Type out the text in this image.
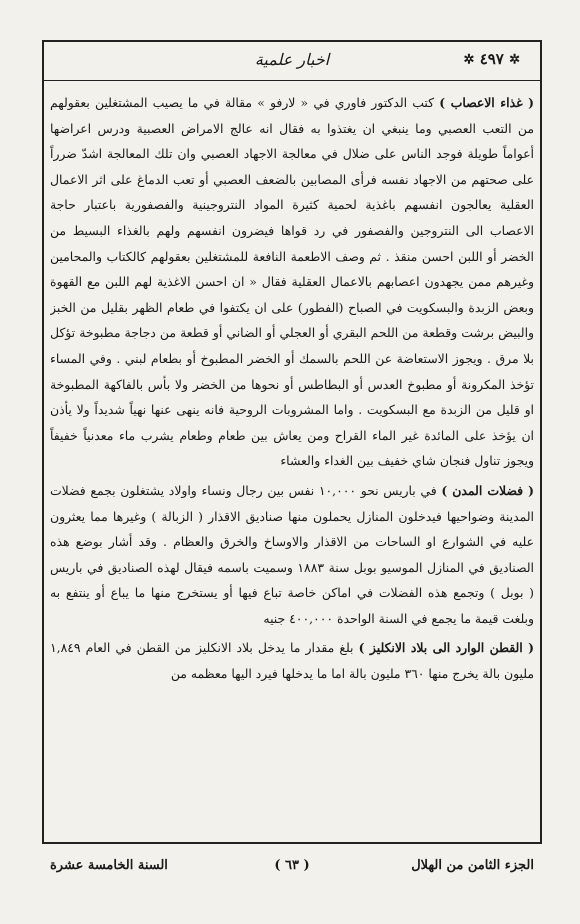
✲ ٤٩٧ ✲
اخبار علمية

( غذاء الاعصاب ) كتب الدكتور فاوري في « لارفو » مقالة في ما يصيب المشتغلين بعقولهم من التعب العصبي وما ينبغي ان يغتذوا به فقال انه عالج الامراض العصبية ودرس اعراضها أعواماً طويلة فوجد الناس على ضلال في معالجة الاجهاد العصبي وان تلك المعالجة اشدّ ضرراً على صحتهم من الاجهاد نفسه فرأى المصابين بالضعف العصبي أو تعب الدماغ على اثر الاعمال العقلية يعالجون انفسهم باغذية لحمية كثيرة المواد النتروجينية والفصفورية باعتبار حاجة الاعصاب الى النتروجين والفصفور في رد قواها فيضرون انفسهم ولهم بالغذاء البسيط من الخضر أو اللبن احسن منقذ . ثم وصف الاطعمة النافعة للمشتغلين بعقولهم كالكتاب والمحامين وغيرهم ممن يجهدون اعصابهم بالاعمال العقلية فقال « ان احسن الاغذية لهم اللبن مع القهوة وبعض الزبدة والبسكويت في الصباح (الفطور) على ان يكتفوا في طعام الظهر بقليل من الخبز والبيض برشت وقطعة من اللحم البقري أو العجلي أو الضاني أو قطعة من دجاجة مطبوخة تؤكل بلا مرق . ويجوز الاستعاضة عن اللحم بالسمك أو الخضر المطبوخ أو بطعام لبني . وفي المساء تؤخذ المكرونة أو مطبوخ العدس أو البطاطس أو نحوها من الخضر ولا بأس بالفاكهة المطبوخة او قليل من الزبدة مع البسكويت . واما المشروبات الروحية فانه ينهى عنها نهياً شديداً ولا يأذن ان يؤخذ على المائدة غير الماء القراح ومن يعاش بين طعام وطعام يشرب ماء معدنياً خفيفاً ويجوز تناول فنجان شاي خفيف بين الغداء والعشاء

( فضلات المدن ) في باريس نحو ١٠,٠٠٠ نفس بين رجال ونساء واولاد يشتغلون بجمع فضلات المدينة وضواحيها فيدخلون المنازل يحملون منها صناديق الاقذار ( الزبالة ) وغيرها مما يعثرون عليه في الشوارع او الساحات من الاقذار والاوساخ والخرق والعظام . وقد أشار بوضع هذه الصناديق في المنازل الموسيو بوبل سنة ١٨٨٣ وسميت باسمه فيقال لهذه الصناديق في باريس ( بوبل ) وتجمع هذه الفضلات في اماكن خاصة تباع فيها أو يستخرج منها ما يباع أو ينتفع به وبلغت قيمة ما يجمع في السنة الواحدة ٤٠٠,٠٠٠ جنيه

( القطن الوارد الى بلاد الانكليز ) بلغ مقدار ما يدخل بلاد الانكليز من القطن في العام ١,٨٤٩ مليون بالة يخرج منها ٣٦٠ مليون بالة اما ما يدخلها فيرد اليها معظمه من

الجزء الثامن من الهلال
( ٦٣ )
السنة الخامسة عشرة
